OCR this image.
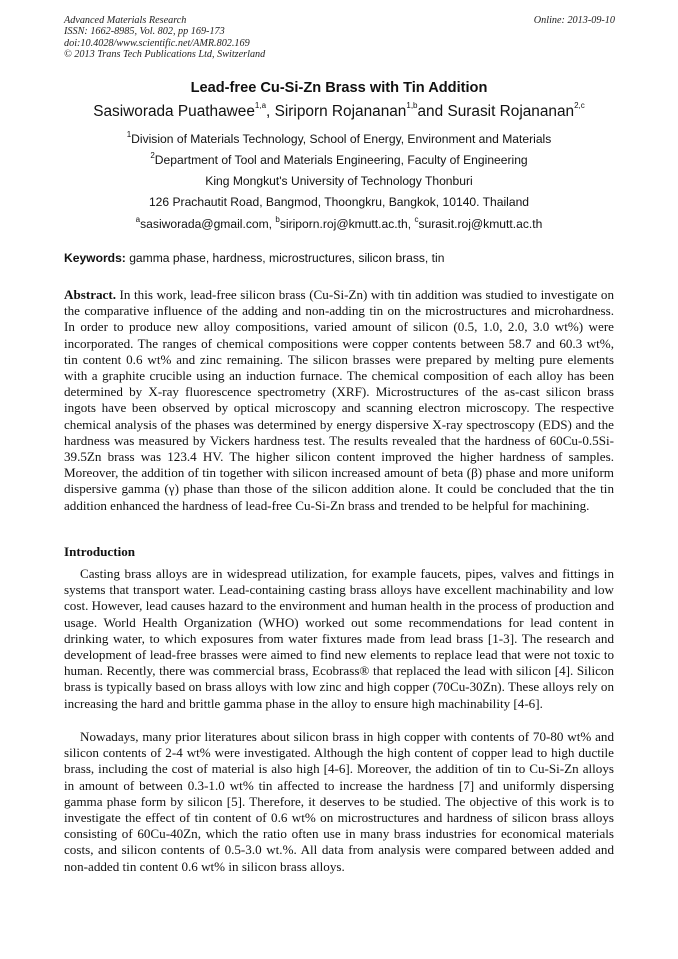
Advanced Materials Research
ISSN: 1662-8985, Vol. 802, pp 169-173
doi:10.4028/www.scientific.net/AMR.802.169
© 2013 Trans Tech Publications Ltd, Switzerland
Online: 2013-09-10
Lead-free Cu-Si-Zn Brass with Tin Addition
Sasiworada Puathawee$^{1,a}$, Siriporn Rojananan$^{1,b}$and Surasit Rojananan$^{2,c}$
$^1$Division of Materials Technology, School of Energy, Environment and Materials
$^2$Department of Tool and Materials Engineering, Faculty of Engineering
King Mongkut's University of Technology Thonburi
126 Prachautit Road, Bangmod, Thoongkru, Bangkok, 10140. Thailand
$^a$sasiworada@gmail.com, $^b$siriporn.roj@kmutt.ac.th, $^c$surasit.roj@kmutt.ac.th
Keywords: gamma phase, hardness, microstructures, silicon brass, tin
Abstract. In this work, lead-free silicon brass (Cu-Si-Zn) with tin addition was studied to investigate on the comparative influence of the adding and non-adding tin on the microstructures and microhardness. In order to produce new alloy compositions, varied amount of silicon (0.5, 1.0, 2.0, 3.0 wt%) were incorporated. The ranges of chemical compositions were copper contents between 58.7 and 60.3 wt%, tin content 0.6 wt% and zinc remaining. The silicon brasses were prepared by melting pure elements with a graphite crucible using an induction furnace. The chemical composition of each alloy has been determined by X-ray fluorescence spectrometry (XRF). Microstructures of the as-cast silicon brass ingots have been observed by optical microscopy and scanning electron microscopy. The respective chemical analysis of the phases was determined by energy dispersive X-ray spectroscopy (EDS) and the hardness was measured by Vickers hardness test. The results revealed that the hardness of 60Cu-0.5Si-39.5Zn brass was 123.4 HV. The higher silicon content improved the higher hardness of samples. Moreover, the addition of tin together with silicon increased amount of beta (β) phase and more uniform dispersive gamma (γ) phase than those of the silicon addition alone. It could be concluded that the tin addition enhanced the hardness of lead-free Cu-Si-Zn brass and trended to be helpful for machining.
Introduction
Casting brass alloys are in widespread utilization, for example faucets, pipes, valves and fittings in systems that transport water. Lead-containing casting brass alloys have excellent machinability and low cost. However, lead causes hazard to the environment and human health in the process of production and usage. World Health Organization (WHO) worked out some recommendations for lead content in drinking water, to which exposures from water fixtures made from lead brass [1-3]. The research and development of lead-free brasses were aimed to find new elements to replace lead that were not toxic to human. Recently, there was commercial brass, Ecobrass® that replaced the lead with silicon [4]. Silicon brass is typically based on brass alloys with low zinc and high copper (70Cu-30Zn). These alloys rely on increasing the hard and brittle gamma phase in the alloy to ensure high machinability [4-6].
Nowadays, many prior literatures about silicon brass in high copper with contents of 70-80 wt% and silicon contents of 2-4 wt% were investigated. Although the high content of copper lead to high ductile brass, including the cost of material is also high [4-6]. Moreover, the addition of tin to Cu-Si-Zn alloys in amount of between 0.3-1.0 wt% tin affected to increase the hardness [7] and uniformly dispersing gamma phase form by silicon [5]. Therefore, it deserves to be studied. The objective of this work is to investigate the effect of tin content of 0.6 wt% on microstructures and hardness of silicon brass alloys consisting of 60Cu-40Zn, which the ratio often use in many brass industries for economical materials costs, and silicon contents of 0.5-3.0 wt.%. All data from analysis were compared between added and non-added tin content 0.6 wt% in silicon brass alloys.
